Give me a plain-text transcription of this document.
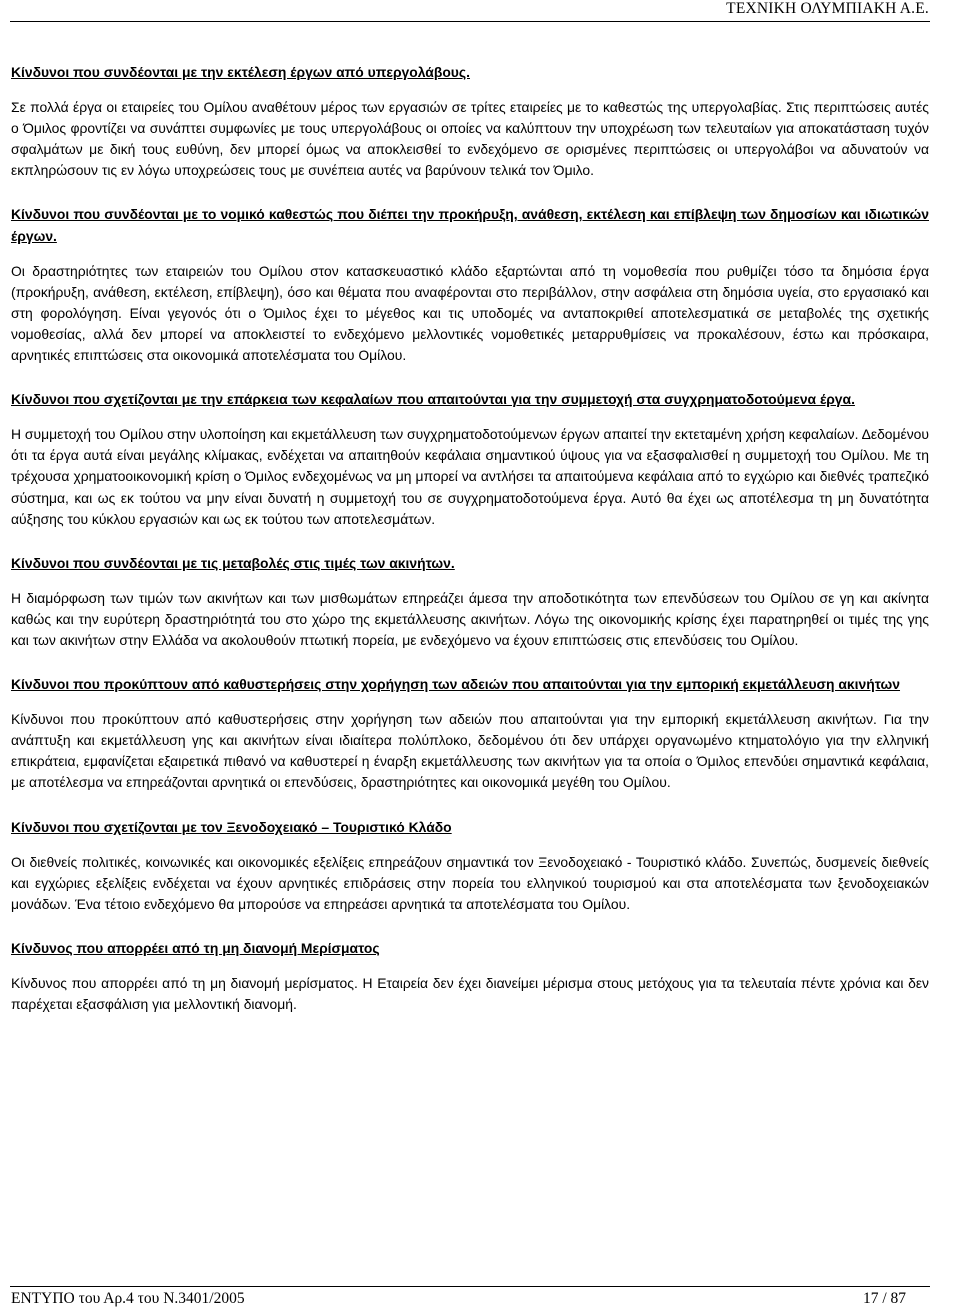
ΤΕΧΝΙΚΗ ΟΛΥΜΠΙΑΚΗ Α.Ε.

Κίνδυνοι που συνδέονται με την εκτέλεση έργων από υπεργολάβους.

Σε πολλά έργα οι εταιρείες του Ομίλου αναθέτουν μέρος των εργασιών σε τρίτες εταιρείες με το καθεστώς της υπεργολαβίας. Στις περιπτώσεις αυτές ο Όμιλος φροντίζει να συνάπτει συμφωνίες με τους υπεργολάβους οι οποίες να καλύπτουν την υποχρέωση των τελευταίων για αποκατάσταση τυχόν σφαλμάτων με δική τους ευθύνη, δεν μπορεί όμως να αποκλεισθεί το ενδεχόμενο σε ορισμένες περιπτώσεις οι υπεργολάβοι να αδυνατούν να εκπληρώσουν τις εν λόγω υποχρεώσεις τους με συνέπεια αυτές να βαρύνουν τελικά τον Όμιλο.

Κίνδυνοι που συνδέονται με το νομικό καθεστώς που διέπει την προκήρυξη, ανάθεση, εκτέλεση και επίβλεψη των δημοσίων και ιδιωτικών έργων.

Οι δραστηριότητες των εταιρειών του Ομίλου στον κατασκευαστικό κλάδο εξαρτώνται από τη νομοθεσία που ρυθμίζει τόσο τα δημόσια έργα (προκήρυξη, ανάθεση, εκτέλεση, επίβλεψη), όσο και θέματα που αναφέρονται στο περιβάλλον, στην ασφάλεια στη δημόσια υγεία, στο εργασιακό και στη φορολόγηση. Είναι γεγονός ότι ο Όμιλος έχει το μέγεθος και τις υποδομές να ανταποκριθεί αποτελεσματικά σε μεταβολές της σχετικής νομοθεσίας, αλλά δεν μπορεί να αποκλειστεί το ενδεχόμενο μελλοντικές νομοθετικές μεταρρυθμίσεις να προκαλέσουν, έστω και πρόσκαιρα, αρνητικές επιπτώσεις στα οικονομικά αποτελέσματα του Ομίλου.

Κίνδυνοι που σχετίζονται με την επάρκεια των κεφαλαίων που απαιτούνται για την συμμετοχή στα συγχρηματοδοτούμενα έργα.

Η συμμετοχή του Ομίλου στην υλοποίηση και εκμετάλλευση των συγχρηματοδοτούμενων έργων απαιτεί την εκτεταμένη χρήση κεφαλαίων. Δεδομένου ότι τα έργα αυτά είναι μεγάλης κλίμακας, ενδέχεται να απαιτηθούν κεφάλαια σημαντικού ύψους για να εξασφαλισθεί η συμμετοχή του Ομίλου. Με τη τρέχουσα χρηματοοικονομική κρίση ο Όμιλος ενδεχομένως να μη μπορεί να αντλήσει τα απαιτούμενα κεφάλαια από το εγχώριο και διεθνές τραπεζικό σύστημα, και ως εκ τούτου να μην είναι δυνατή η συμμετοχή του σε συγχρηματοδοτούμενα έργα. Αυτό θα έχει ως αποτέλεσμα τη μη δυνατότητα αύξησης του κύκλου εργασιών και ως εκ τούτου των αποτελεσμάτων.

Κίνδυνοι που συνδέονται με τις μεταβολές στις τιμές των ακινήτων.

Η διαμόρφωση των τιμών των ακινήτων και των μισθωμάτων επηρεάζει άμεσα την αποδοτικότητα των επενδύσεων του Ομίλου σε γη και ακίνητα καθώς και την ευρύτερη δραστηριότητά του στο χώρο της εκμετάλλευσης ακινήτων. Λόγω της οικονομικής κρίσης έχει παρατηρηθεί οι τιμές της γης και των ακινήτων στην Ελλάδα να ακολουθούν πτωτική πορεία, με ενδεχόμενο να έχουν επιπτώσεις στις επενδύσεις του Ομίλου.

Κίνδυνοι που προκύπτουν από καθυστερήσεις στην χορήγηση των αδειών που απαιτούνται για την εμπορική εκμετάλλευση ακινήτων

Κίνδυνοι που προκύπτουν από καθυστερήσεις στην χορήγηση των αδειών που απαιτούνται για την εμπορική εκμετάλλευση ακινήτων. Για την ανάπτυξη και εκμετάλλευση γης και ακινήτων είναι ιδιαίτερα πολύπλοκο, δεδομένου ότι δεν υπάρχει οργανωμένο κτηματολόγιο για την ελληνική επικράτεια, εμφανίζεται εξαιρετικά πιθανό να καθυστερεί η έναρξη εκμετάλλευσης των ακινήτων για τα οποία ο Όμιλος επενδύει σημαντικά κεφάλαια, με αποτέλεσμα να επηρεάζονται αρνητικά οι επενδύσεις, δραστηριότητες και οικονομικά μεγέθη του Ομίλου.

Κίνδυνοι που σχετίζονται με τον Ξενοδοχειακό – Τουριστικό Κλάδο

Οι διεθνείς πολιτικές, κοινωνικές και οικονομικές εξελίξεις επηρεάζουν σημαντικά τον Ξενοδοχειακό - Τουριστικό κλάδο. Συνεπώς, δυσμενείς διεθνείς και εγχώριες εξελίξεις ενδέχεται να έχουν αρνητικές επιδράσεις στην πορεία του ελληνικού τουρισμού και στα αποτελέσματα των ξενοδοχειακών μονάδων. Ένα τέτοιο ενδεχόμενο θα μπορούσε να επηρεάσει αρνητικά τα αποτελέσματα του Ομίλου.

Κίνδυνος που απορρέει από τη μη διανομή Μερίσματος

Κίνδυνος που απορρέει από τη μη διανομή μερίσματος. Η Εταιρεία δεν έχει διανείμει μέρισμα στους μετόχους για τα τελευταία πέντε χρόνια και δεν παρέχεται εξασφάλιση για μελλοντική διανομή.

ΕΝΤΥΠΟ του Αρ.4 του Ν.3401/2005	17 / 87
